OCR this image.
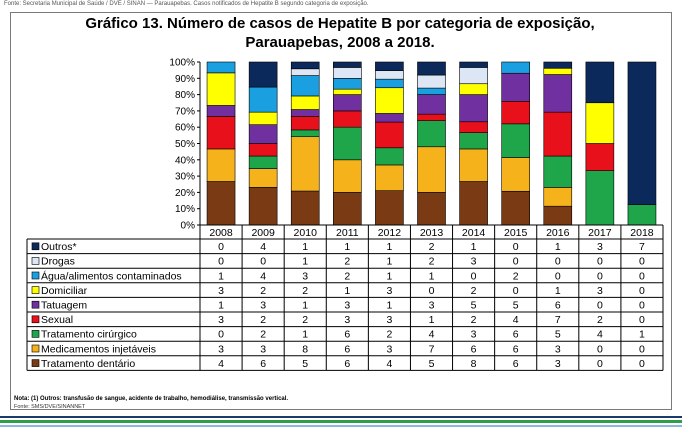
Fonte: Secretaria Municipal de Saúde / DVE / SINAN — Parauapebas. Casos notificados de Hepatite B segundo categoria de exposição.
Gráfico 13. Número de casos de Hepatite B por categoria de exposição,
Parauapebas, 2008 a 2018.
0%
10%
20%
30%
40%
50%
60%
70%
80%
90%
100%
2008 2009 2010 2011 2012 2013 2014 2015 2016 2017 2018
Outros*	0	4	1	1	1	2	1	0	1	3	7
Drogas	0	0	1	2	1	2	3	0	0	0	0
Água/alimentos contaminados	1	4	3	2	1	1	0	2	0	0	0
Domiciliar	3	2	2	1	3	0	2	0	1	3	0
Tatuagem	1	3	1	3	1	3	5	5	6	0	0
Sexual	3	2	2	3	3	1	2	4	7	2	0
Tratamento cirúrgico	0	2	1	6	2	4	3	6	5	4	1
Medicamentos injetáveis	3	3	8	6	3	7	6	6	3	0	0
Tratamento dentário	4	6	5	6	4	5	8	6	3	0	0
Nota: (1) Outros: transfusão de sangue, acidente de trabalho, hemodiálise, transmissão vertical.
Fonte: SMS/DVE/SINANNET
